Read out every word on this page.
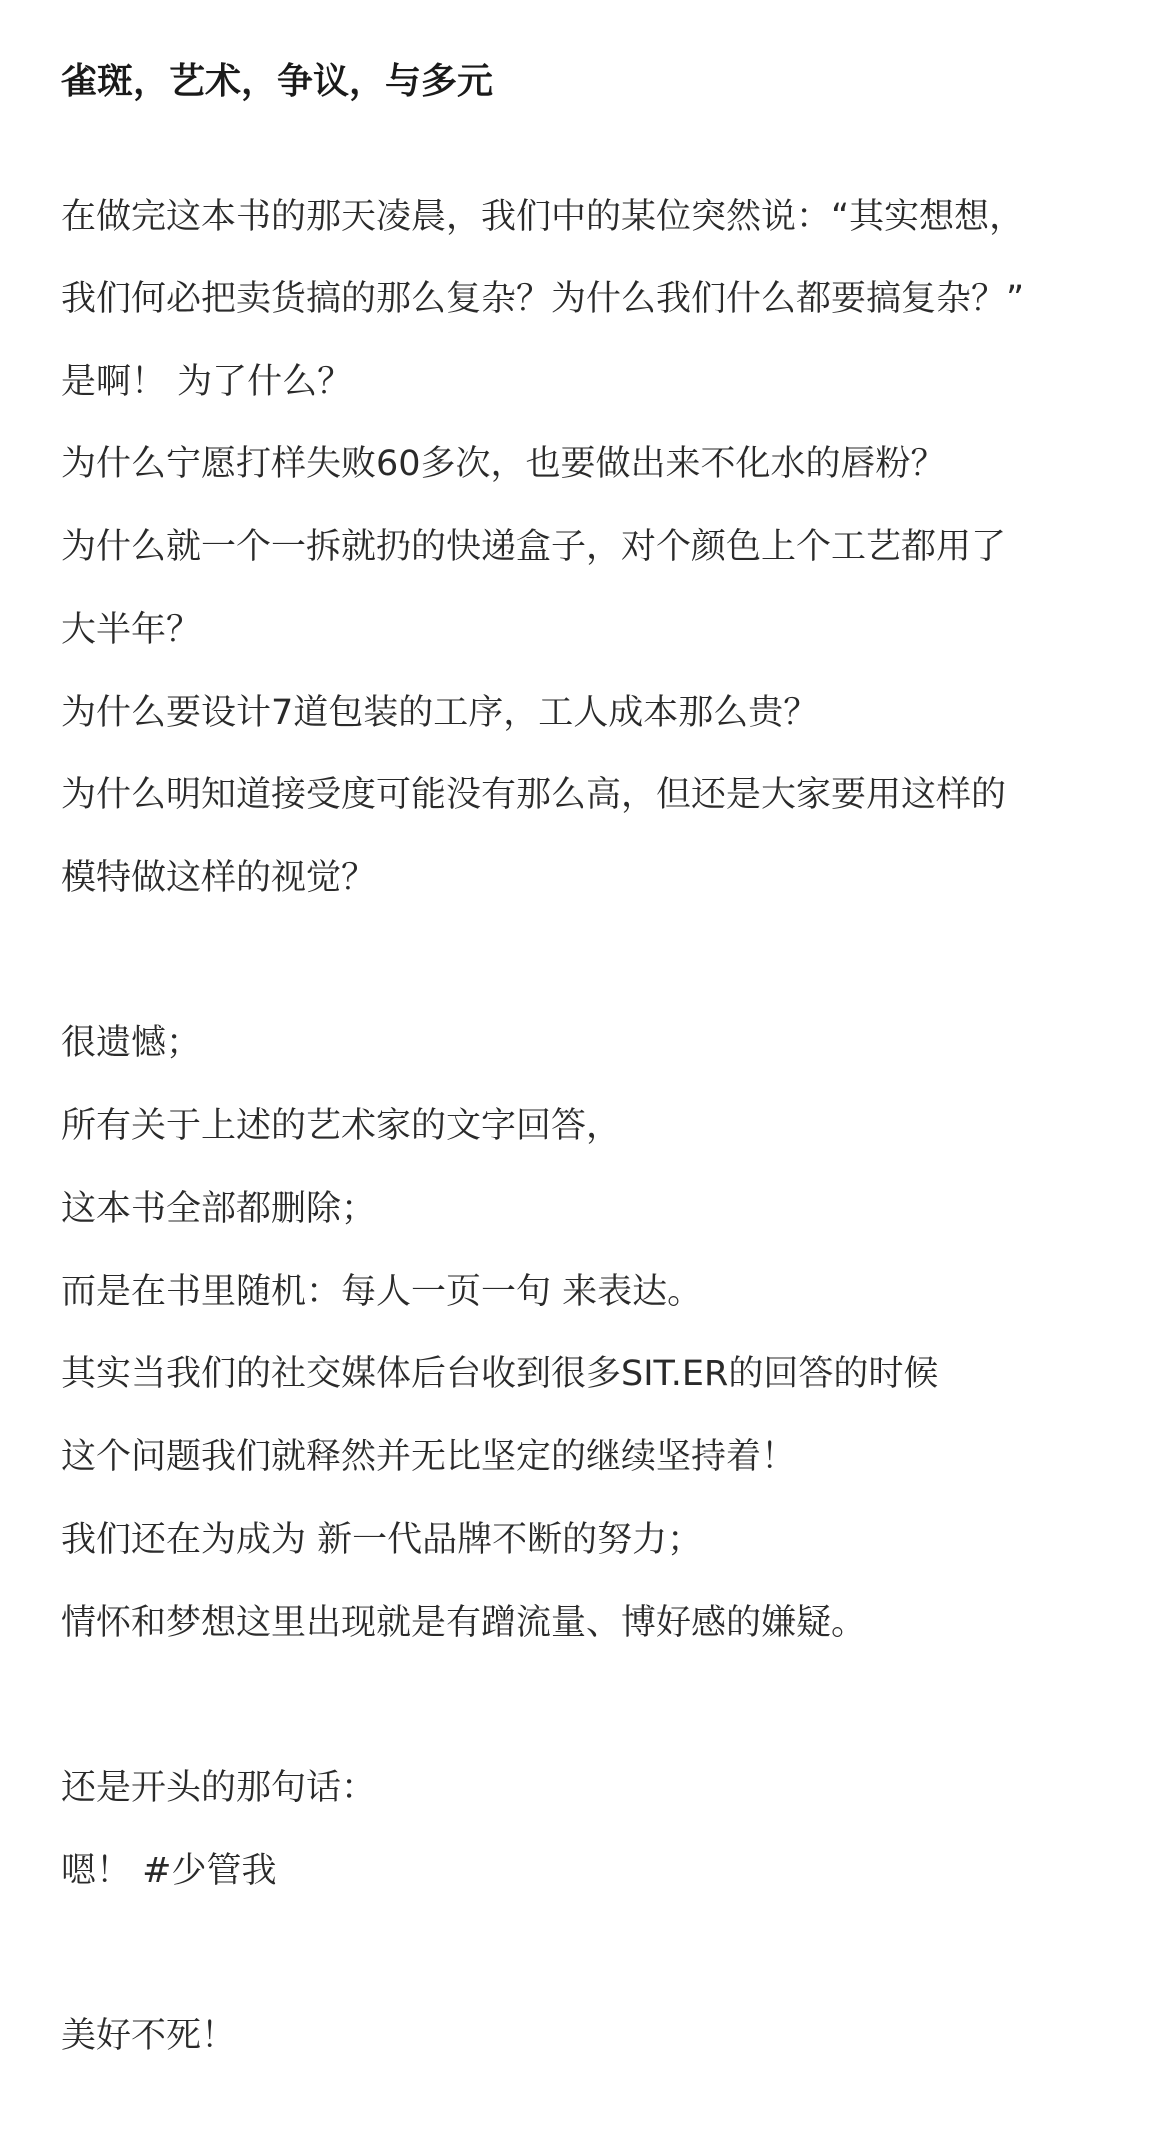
雀斑，艺术，争议，与多元
在做完这本书的那天凌晨，我们中的某位突然说：“其实想想，
我们何必把卖货搞的那么复杂？为什么我们什么都要搞复杂？”
是啊！ 为了什么？
为什么宁愿打样失败60多次，也要做出来不化水的唇粉？
为什么就一个一拆就扔的快递盒子，对个颜色上个工艺都用了
大半年？
为什么要设计7道包装的工序，工人成本那么贵？
为什么明知道接受度可能没有那么高，但还是大家要用这样的
模特做这样的视觉？
很遗憾；
所有关于上述的艺术家的文字回答，
这本书全部都删除；
而是在书里随机：每人一页一句 来表达。
其实当我们的社交媒体后台收到很多SIT.ER的回答的时候
这个问题我们就释然并无比坚定的继续坚持着！
我们还在为成为 新一代品牌不断的努力；
情怀和梦想这里出现就是有蹭流量、博好感的嫌疑。
还是开头的那句话：
嗯！ #少管我
美好不死！
